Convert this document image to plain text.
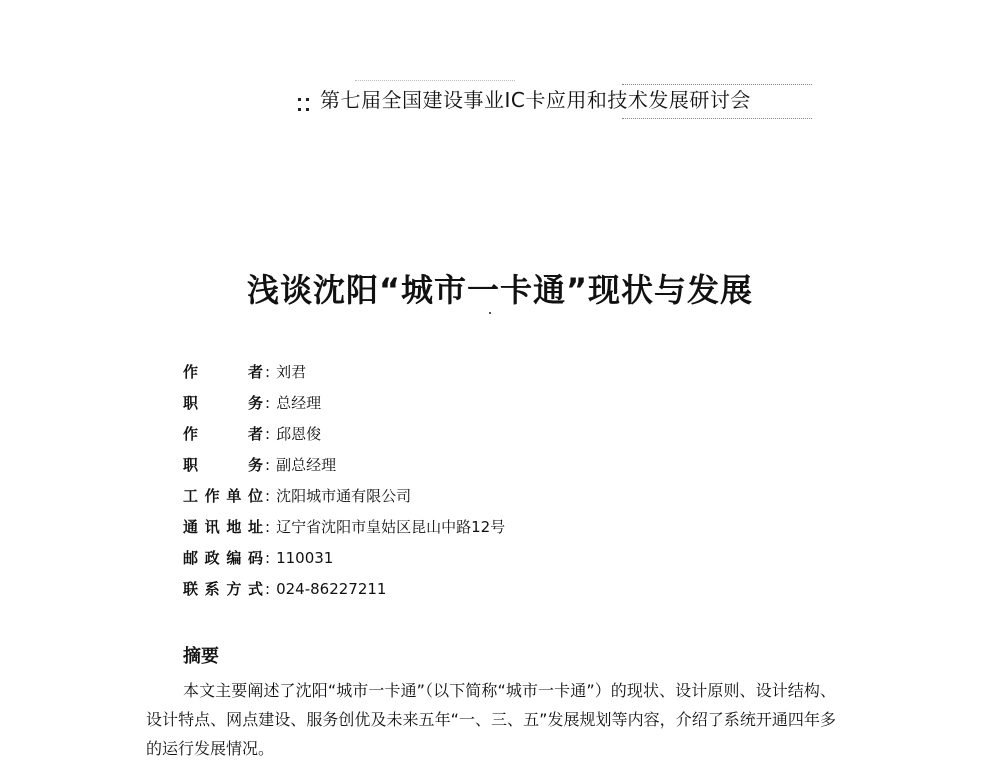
第七届全国建设事业IC卡应用和技术发展研讨会
浅谈沈阳“城市一卡通”现状与发展
作　者 : 刘君
职　务 : 总经理
作　者 : 邱恩俊
职　务 : 副总经理
工作单位 : 沈阳城市通有限公司
通讯地址 : 辽宁省沈阳市皇姑区昆山中路12号
邮政编码 : 110031
联系方式 : 024-86227211
摘要
本文主要阐述了沈阳“城市一卡通”（以下简称“城市一卡通”）的现状、设计原则、设计结构、设计特点、网点建设、服务创优及未来五年“一、三、五”发展规划等内容，介绍了系统开通四年多的运行发展情况。
